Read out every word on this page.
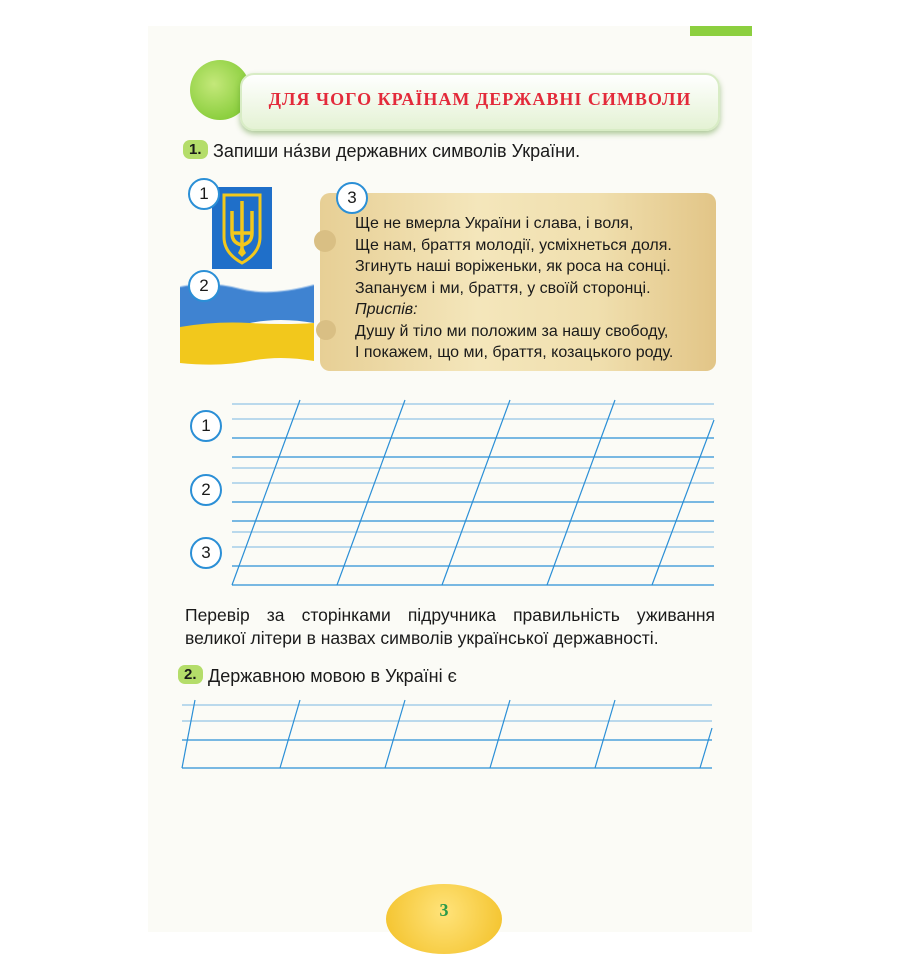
ДЛЯ ЧОГО КРАЇНАМ ДЕРЖАВНІ СИМВОЛИ
1. Запиши на́зви державних символів України.
1
2
3
Ще не вмерла України і слава, і воля,
Ще нам, браття молодії, усміхнеться доля.
Згинуть наші воріженьки, як роса на сонці.
Запануєм і ми, браття, у своїй сторонці.
Приспів:
Душу й тіло ми положим за нашу свободу,
І покажем, що ми, браття, козацького роду.
1
2
3
Перевір за сторінками підручника правильність уживання великої літери в назвах символів української державності.
2. Державною мовою в Україні є
3
